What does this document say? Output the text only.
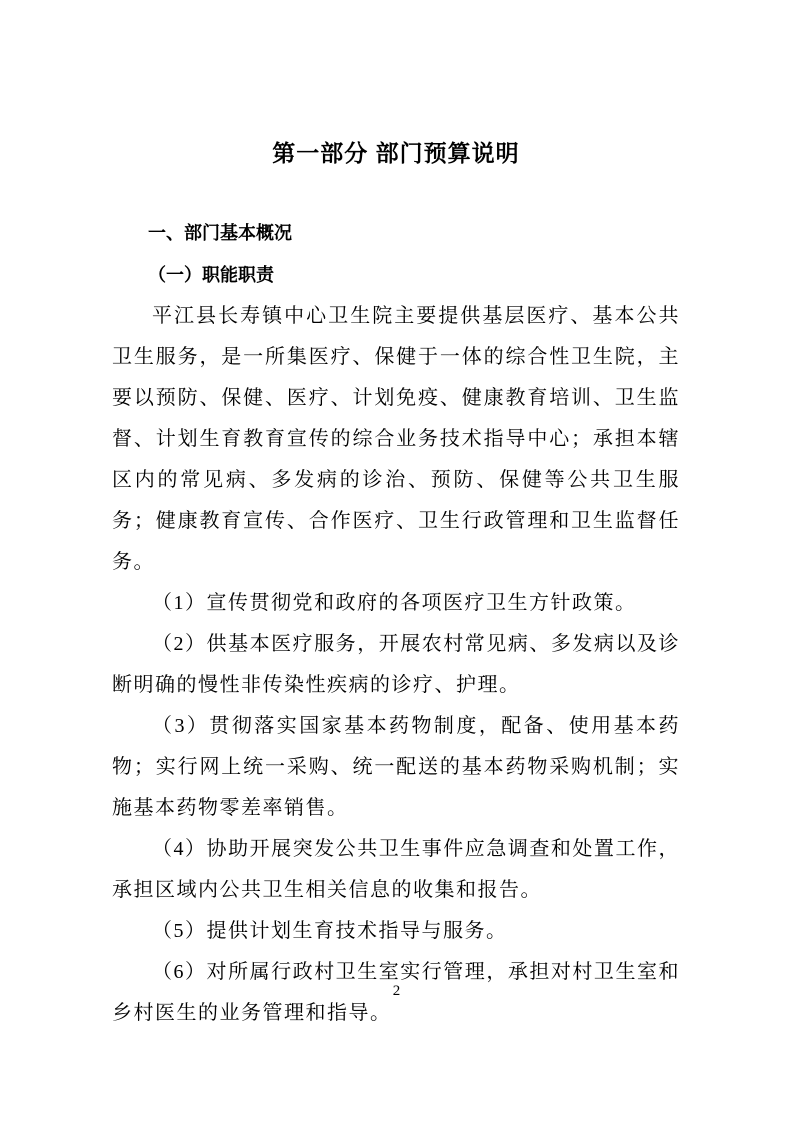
第一部分 部门预算说明
一、部门基本概况
（一）职能职责

平江县长寿镇中心卫生院主要提供基层医疗、基本公共卫生服务，是一所集医疗、保健于一体的综合性卫生院，主要以预防、保健、医疗、计划免疫、健康教育培训、卫生监督、计划生育教育宣传的综合业务技术指导中心；承担本辖区内的常见病、多发病的诊治、预防、保健等公共卫生服务；健康教育宣传、合作医疗、卫生行政管理和卫生监督任务。

（1）宣传贯彻党和政府的各项医疗卫生方针政策。

（2）供基本医疗服务，开展农村常见病、多发病以及诊断明确的慢性非传染性疾病的诊疗、护理。

（3）贯彻落实国家基本药物制度，配备、使用基本药物；实行网上统一采购、统一配送的基本药物采购机制；实施基本药物零差率销售。

（4）协助开展突发公共卫生事件应急调查和处置工作，承担区域内公共卫生相关信息的收集和报告。

（5）提供计划生育技术指导与服务。

（6）对所属行政村卫生室实行管理，承担对村卫生室和乡村医生的业务管理和指导。

2
